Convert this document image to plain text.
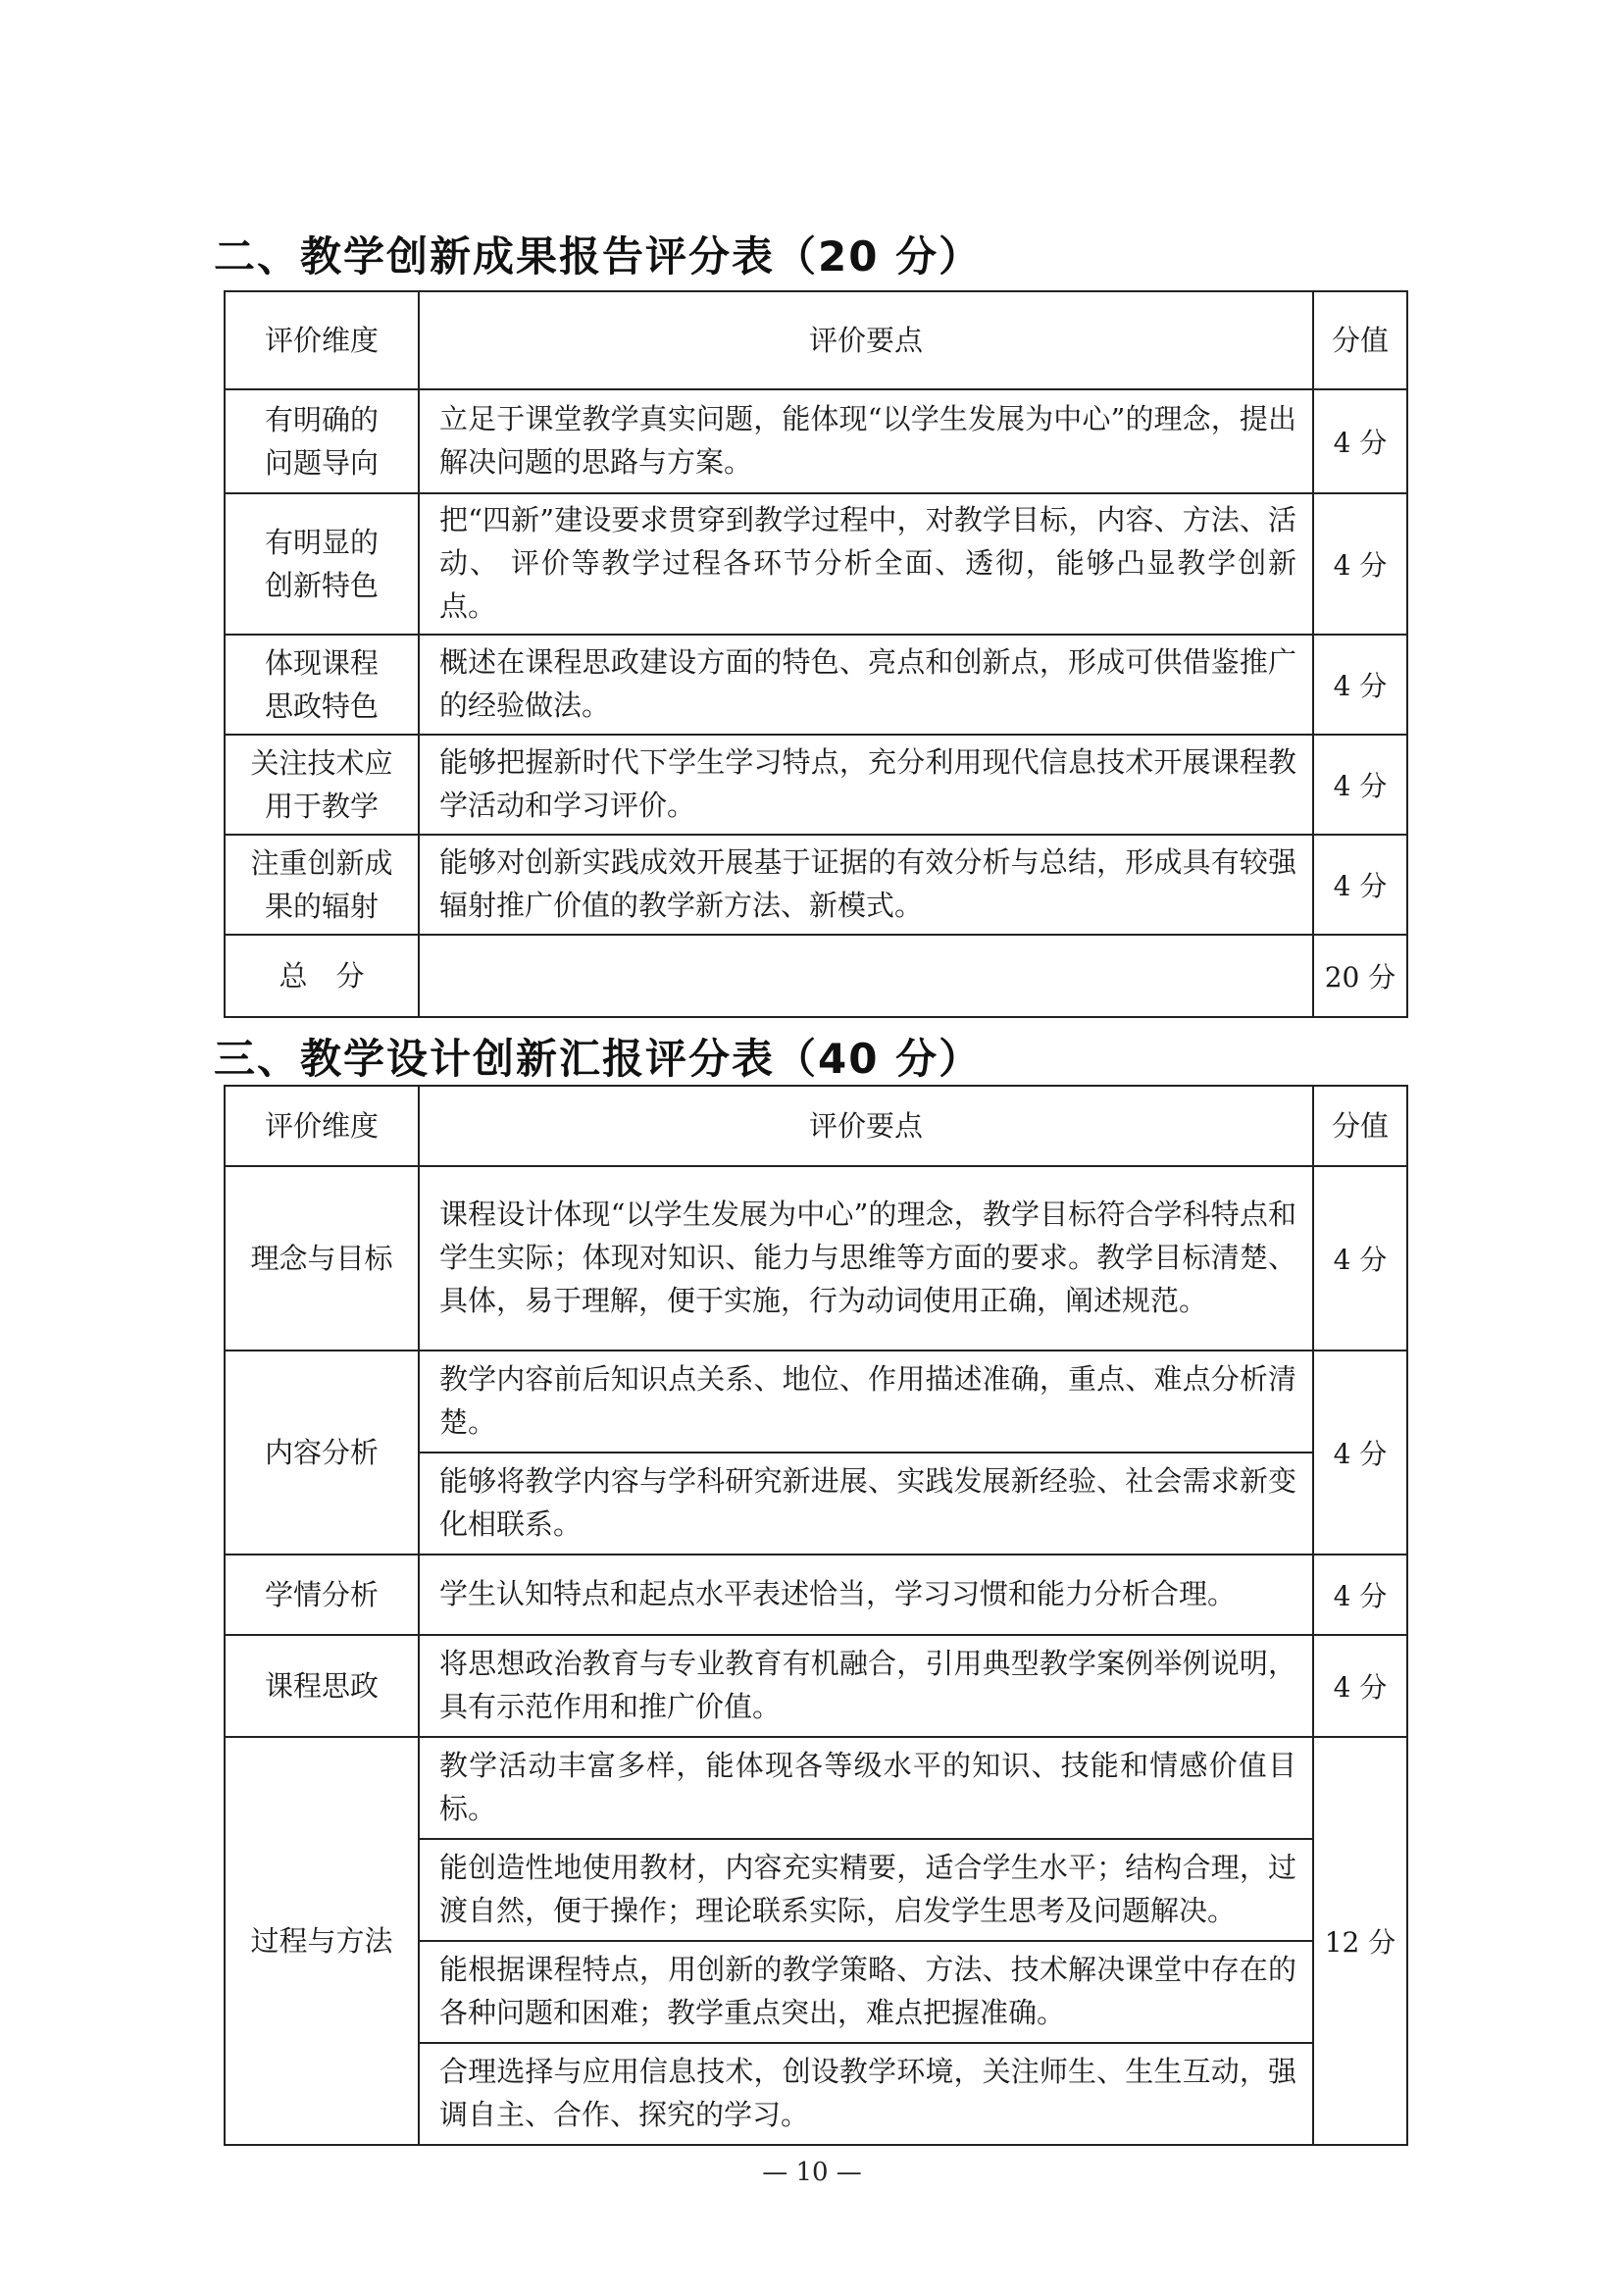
二、教学创新成果报告评分表（20 分）
评价维度	评价要点	分值
有明确的问题导向	立足于课堂教学真实问题，能体现“以学生发展为中心”的理念，提出解决问题的思路与方案。	4 分
有明显的创新特色	把“四新”建设要求贯穿到教学过程中，对教学目标，内容、方法、活动、 评价等教学过程各环节分析全面、透彻，能够凸显教学创新点。	4 分
体现课程思政特色	概述在课程思政建设方面的特色、亮点和创新点，形成可供借鉴推广的经验做法。	4 分
关注技术应用于教学	能够把握新时代下学生学习特点，充分利用现代信息技术开展课程教学活动和学习评价。	4 分
注重创新成果的辐射	能够对创新实践成效开展基于证据的有效分析与总结，形成具有较强辐射推广价值的教学新方法、新模式。	4 分
总　分		20 分
三、教学设计创新汇报评分表（40 分）
评价维度	评价要点	分值
理念与目标	课程设计体现“以学生发展为中心”的理念，教学目标符合学科特点和学生实际；体现对知识、能力与思维等方面的要求。教学目标清楚、具体，易于理解，便于实施，行为动词使用正确，阐述规范。	4 分
内容分析	教学内容前后知识点关系、地位、作用描述准确，重点、难点分析清楚。
能够将教学内容与学科研究新进展、实践发展新经验、社会需求新变化相联系。	4 分
学情分析	学生认知特点和起点水平表述恰当，学习习惯和能力分析合理。	4 分
课程思政	将思想政治教育与专业教育有机融合，引用典型教学案例举例说明，具有示范作用和推广价值。	4 分
过程与方法	教学活动丰富多样，能体现各等级水平的知识、技能和情感价值目标。
能创造性地使用教材，内容充实精要，适合学生水平；结构合理，过渡自然，便于操作；理论联系实际，启发学生思考及问题解决。
能根据课程特点，用创新的教学策略、方法、技术解决课堂中存在的各种问题和困难；教学重点突出，难点把握准确。
合理选择与应用信息技术，创设教学环境，关注师生、生生互动，强调自主、合作、探究的学习。	12 分
— 10 —
